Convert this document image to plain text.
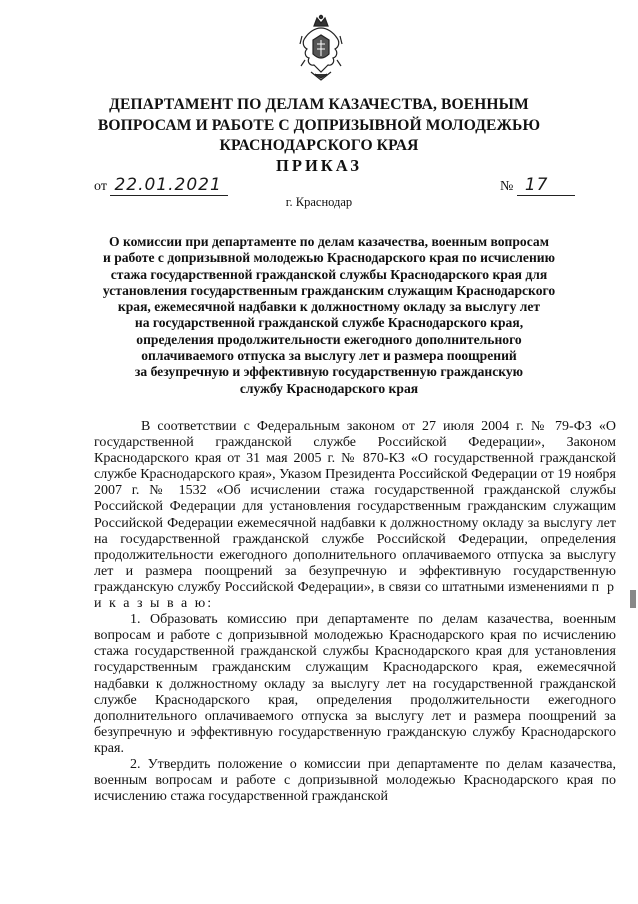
ДЕПАРТАМЕНТ ПО ДЕЛАМ КАЗАЧЕСТВА, ВОЕННЫМ
ВОПРОСАМ И РАБОТЕ С ДОПРИЗЫВНОЙ МОЛОДЕЖЬЮ
КРАСНОДАРСКОГО КРАЯ
ПРИКАЗ
от 22.01.2021	№ 17
г. Краснодар
О комиссии при департаменте по делам казачества, военным вопросам
и работе с допризывной молодежью Краснодарского края по исчислению
стажа государственной гражданской службы Краснодарского края для
установления государственным гражданским служащим Краснодарского
края, ежемесячной надбавки к должностному окладу за выслугу лет
на государственной гражданской службе Краснодарского края,
определения продолжительности ежегодного дополнительного
оплачиваемого отпуска за выслугу лет и размера поощрений
за безупречную и эффективную государственную гражданскую
службу Краснодарского края

В соответствии с Федеральным законом от 27 июля 2004 г. № 79-ФЗ «О государственной гражданской службе Российской Федерации», Законом Краснодарского края от 31 мая 2005 г. № 870-КЗ «О государственной гражданской службе Краснодарского края», Указом Президента Российской Федерации от 19 ноября 2007 г. № 1532 «Об исчислении стажа государственной гражданской службы Российской Федерации для установления государственным гражданским служащим Российской Федерации ежемесячной надбавки к должностному окладу за выслугу лет на государственной гражданской службе Российской Федерации, определения продолжительности ежегодного дополнительного оплачиваемого отпуска за выслугу лет и размера поощрений за безупречную и эффективную государственную гражданскую службу Российской Федерации», в связи со штатными изменениями п р и к а з ы в а ю:

1. Образовать комиссию при департаменте по делам казачества, военным вопросам и работе с допризывной молодежью Краснодарского края по исчислению стажа государственной гражданской службы Краснодарского края для установления государственным гражданским служащим Краснодарского края, ежемесячной надбавки к должностному окладу за выслугу лет на государственной гражданской службе Краснодарского края, определения продолжительности ежегодного дополнительного оплачиваемого отпуска за выслугу лет и размера поощрений за безупречную и эффективную государственную гражданскую службу Краснодарского края.

2. Утвердить положение о комиссии при департаменте по делам казачества, военным вопросам и работе с допризывной молодежью Краснодарского края по исчислению стажа государственной гражданской
